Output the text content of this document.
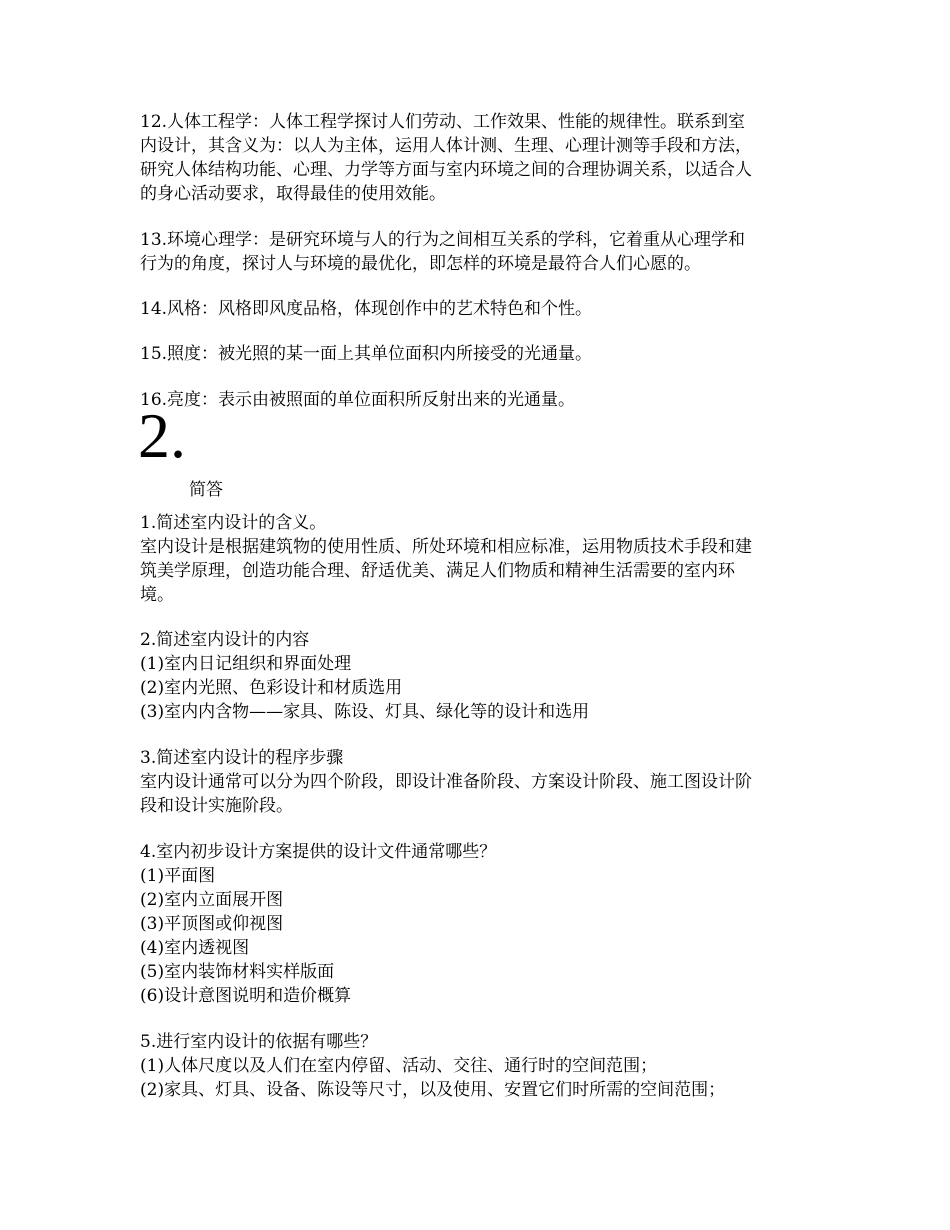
12.人体工程学：人体工程学探讨人们劳动、工作效果、性能的规律性。联系到室
内设计，其含义为：以人为主体，运用人体计测、生理、心理计测等手段和方法，
研究人体结构功能、心理、力学等方面与室内环境之间的合理协调关系，以适合人
的身心活动要求，取得最佳的使用效能。
13.环境心理学：是研究环境与人的行为之间相互关系的学科，它着重从心理学和
行为的角度，探讨人与环境的最优化，即怎样的环境是最符合人们心愿的。
14.风格：风格即风度品格，体现创作中的艺术特色和个性。
15.照度：被光照的某一面上其单位面积内所接受的光通量。
16.亮度：表示由被照面的单位面积所反射出来的光通量。
2.
简答
1.简述室内设计的含义。
室内设计是根据建筑物的使用性质、所处环境和相应标准，运用物质技术手段和建
筑美学原理，创造功能合理、舒适优美、满足人们物质和精神生活需要的室内环
境。
2.简述室内设计的内容
(1)室内日记组织和界面处理
(2)室内光照、色彩设计和材质选用
(3)室内内含物——家具、陈设、灯具、绿化等的设计和选用
3.简述室内设计的程序步骤
室内设计通常可以分为四个阶段，即设计准备阶段、方案设计阶段、施工图设计阶
段和设计实施阶段。
4.室内初步设计方案提供的设计文件通常哪些？
(1)平面图
(2)室内立面展开图
(3)平顶图或仰视图
(4)室内透视图
(5)室内装饰材料实样版面
(6)设计意图说明和造价概算
5.进行室内设计的依据有哪些？
(1)人体尺度以及人们在室内停留、活动、交往、通行时的空间范围；
(2)家具、灯具、设备、陈设等尺寸，以及使用、安置它们时所需的空间范围；
